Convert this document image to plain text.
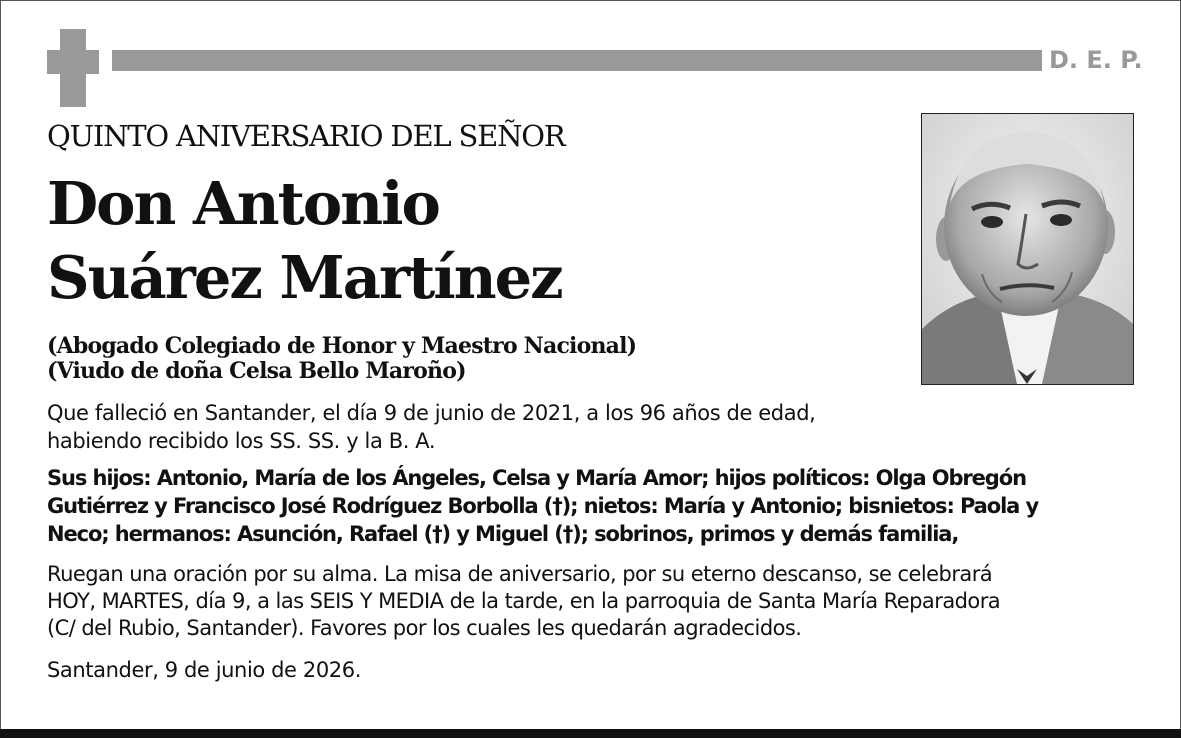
D. E. P.
QUINTO ANIVERSARIO DEL SEÑOR
Don Antonio
Suárez Martínez
(Abogado Colegiado de Honor y Maestro Nacional)
(Viudo de doña Celsa Bello Maroño)
Que falleció en Santander, el día 9 de junio de 2021, a los 96 años de edad,
habiendo recibido los SS. SS. y la B. A.
Sus hijos: Antonio, María de los Ángeles, Celsa y María Amor; hijos políticos: Olga Obregón
Gutiérrez y Francisco José Rodríguez Borbolla (†); nietos: María y Antonio; bisnietos: Paola y
Neco; hermanos: Asunción, Rafael (†) y Miguel (†); sobrinos, primos y demás familia,
Ruegan una oración por su alma. La misa de aniversario, por su eterno descanso, se celebrará
HOY, MARTES, día 9, a las SEIS Y MEDIA de la tarde, en la parroquia de Santa María Reparadora
(C/ del Rubio, Santander). Favores por los cuales les quedarán agradecidos.
Santander, 9 de junio de 2026.
